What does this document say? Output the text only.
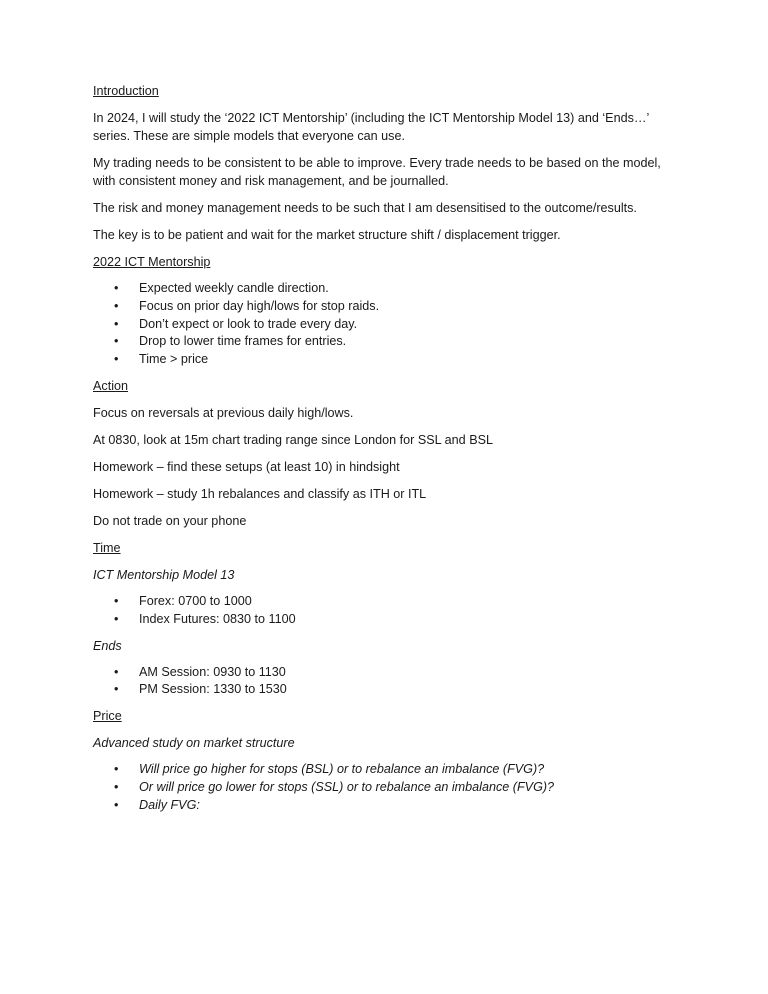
Introduction
In 2024, I will study the ‘2022 ICT Mentorship’ (including the ICT Mentorship Model 13) and ‘Ends…’ series. These are simple models that everyone can use.
My trading needs to be consistent to be able to improve. Every trade needs to be based on the model, with consistent money and risk management, and be journalled.
The risk and money management needs to be such that I am desensitised to the outcome/results.
The key is to be patient and wait for the market structure shift / displacement trigger.
2022 ICT Mentorship
• Expected weekly candle direction.
• Focus on prior day high/lows for stop raids.
• Don’t expect or look to trade every day.
• Drop to lower time frames for entries.
• Time > price
Action
Focus on reversals at previous daily high/lows.
At 0830, look at 15m chart trading range since London for SSL and BSL
Homework – find these setups (at least 10) in hindsight
Homework – study 1h rebalances and classify as ITH or ITL
Do not trade on your phone
Time
ICT Mentorship Model 13
• Forex: 0700 to 1000
• Index Futures: 0830 to 1100
Ends
• AM Session: 0930 to 1130
• PM Session: 1330 to 1530
Price
Advanced study on market structure
• Will price go higher for stops (BSL) or to rebalance an imbalance (FVG)?
• Or will price go lower for stops (SSL) or to rebalance an imbalance (FVG)?
• Daily FVG:
